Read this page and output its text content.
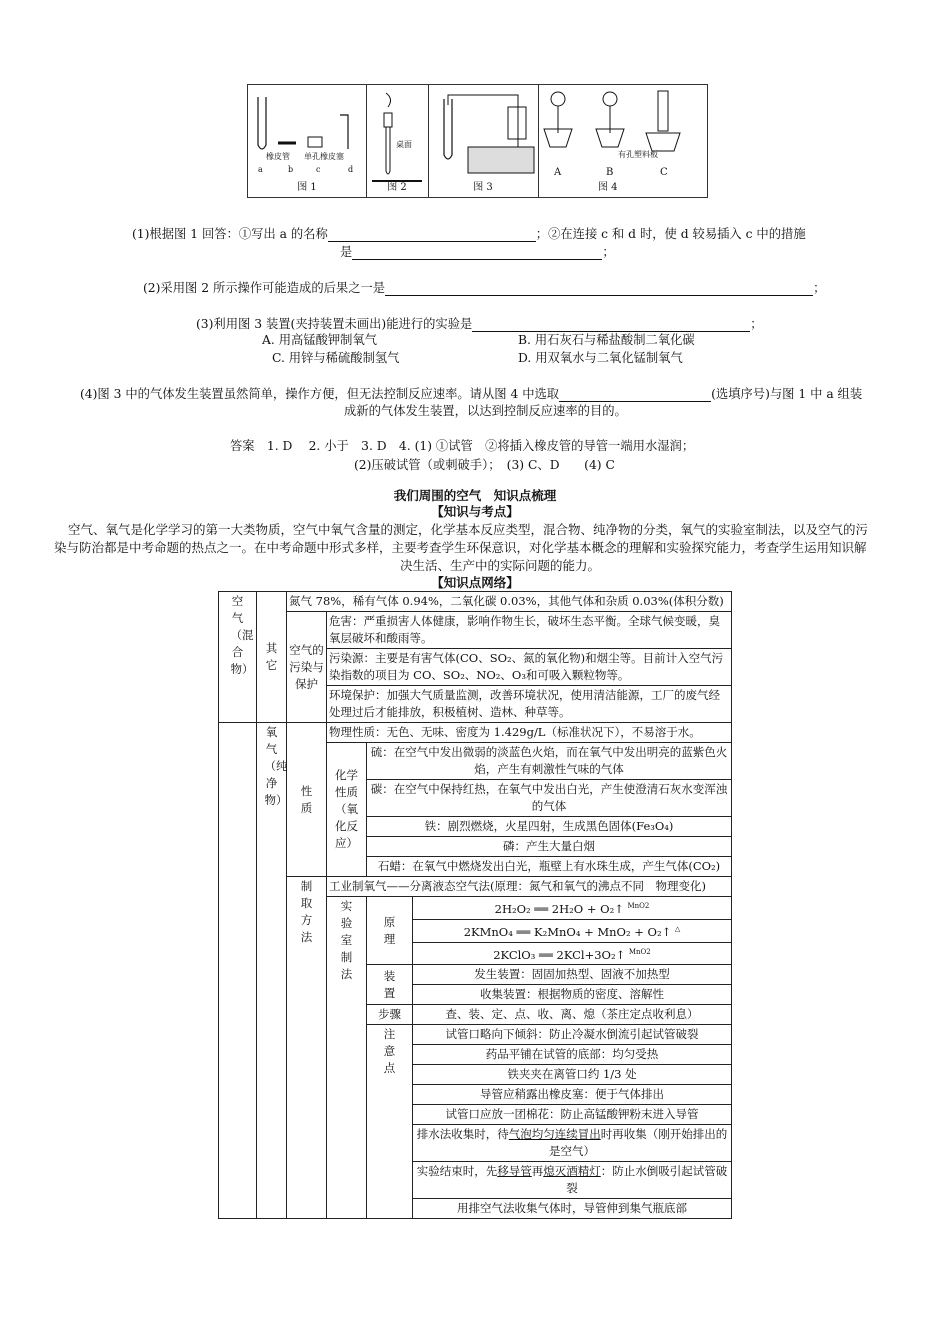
橡皮管 单孔橡皮塞
a	b	c	d
图 1
桌面
图 2	图 3
有孔塑料板
A	B	C
图 4
(1)根据图 1 回答：①写出 a 的名称	；②在连接 c 和 d 时，使 d 较易插入 c 中的措施
是	；
(2)采用图 2 所示操作可能造成的后果之一是	；
(3)利用图 3 装置(夹持装置未画出)能进行的实验是	；
A. 用高锰酸钾制氧气	B. 用石灰石与稀盐酸制二氧化碳
C. 用锌与稀硫酸制氢气	D. 用双氧水与二氧化锰制氧气
(4)图 3 中的气体发生装置虽然简单，操作方便，但无法控制反应速率。请从图 4 中选取	(选填序号)与图 1 中 a 组装
成新的气体发生装置，以达到控制反应速率的目的。
答案　1. D　 2. 小于　3. D　4. (1) ①试管　②将插入橡皮管的导管一端用水湿润；
(2)压破试管（或刺破手）；　(3) C、D　　(4) C
我们周围的空气　知识点梳理
【知识与考点】
空气、氧气是化学学习的第一大类物质，空气中氧气含量的测定，化学基本反应类型，混合物、纯净物的分类，氧气的实验室制法，以及空气的污
染与防治都是中考命题的热点之一。在中考命题中形式多样，主要考查学生环保意识，对化学基本概念的理解和实验探究能力，考查学生运用知识解
决生活、生产中的实际问题的能力。
【知识点网络】
空气（混合物）	其它	氮气 78%，稀有气体 0.94%，二氧化碳 0.03%，其他气体和杂质 0.03%(体积分数)			
		空气的污染与保护	危害：严重损害人体健康，影响作物生长，破坏生态平衡。全球气候变暖，臭氧层破坏和酸雨等。		
			污染源：主要是有害气体(CO、SO₂、氮的氧化物)和烟尘等。目前计入空气污染指数的项目为 CO、SO₂、NO₂、O₃和可吸入颗粒物等。		
			环境保护：加强大气质量监测，改善环境状况，使用清洁能源，工厂的废气经处理过后才能排放，积极植树、造林、种草等。		

	氧气（纯净物）	性质	物理性质：无色、无味、密度为 1.429g/L（标准状况下），不易溶于水。		

			化学性质（氧化反应）	硫：在空气中发出微弱的淡蓝色火焰，而在氧气中发出明亮的蓝紫色火焰，产生有刺激性气味的气体	
				碳：在空气中保持红热，在氧气中发出白光，产生使澄清石灰水变浑浊的气体	
				铁：剧烈燃烧，火星四射，生成黑色固体(Fe₃O₄)	
				磷：产生大量白烟	
				石蜡：在氧气中燃烧发出白光，瓶壁上有水珠生成，产生气体(CO₂)	

		制取方法	工业制氧气——分离液态空气法(原理：氮气和氧气的沸点不同　物理变化)		

			实验室制法	原理	2H₂O₂ ══ 2H₂O + O₂↑ $^{MnO2}$
					2KMnO₄ ══ K₂MnO₄ + MnO₂ + O₂↑ △
					2KClO₃ ══ 2KCl+3O₂↑ $^{MnO2}$

				装置	发生装置：固固加热型、固液不加热型
					收集装置：根据物质的密度、溶解性
				步骤	查、装、定、点、收、离、熄（茶庄定点收利息）

				注意点	试管口略向下倾斜：防止冷凝水倒流引起试管破裂
					药品平铺在试管的底部：均匀受热
					铁夹夹在离管口约 1/3 处
					导管应稍露出橡皮塞：便于气体排出
					试管口应放一团棉花：防止高锰酸钾粉末进入导管
					排水法收集时，待气泡均匀连续冒出时再收集（刚开始排出的是空气）
					实验结束时，先移导管再熄灭酒精灯：防止水倒吸引起试管破裂
					用排空气法收集气体时，导管伸到集气瓶底部
